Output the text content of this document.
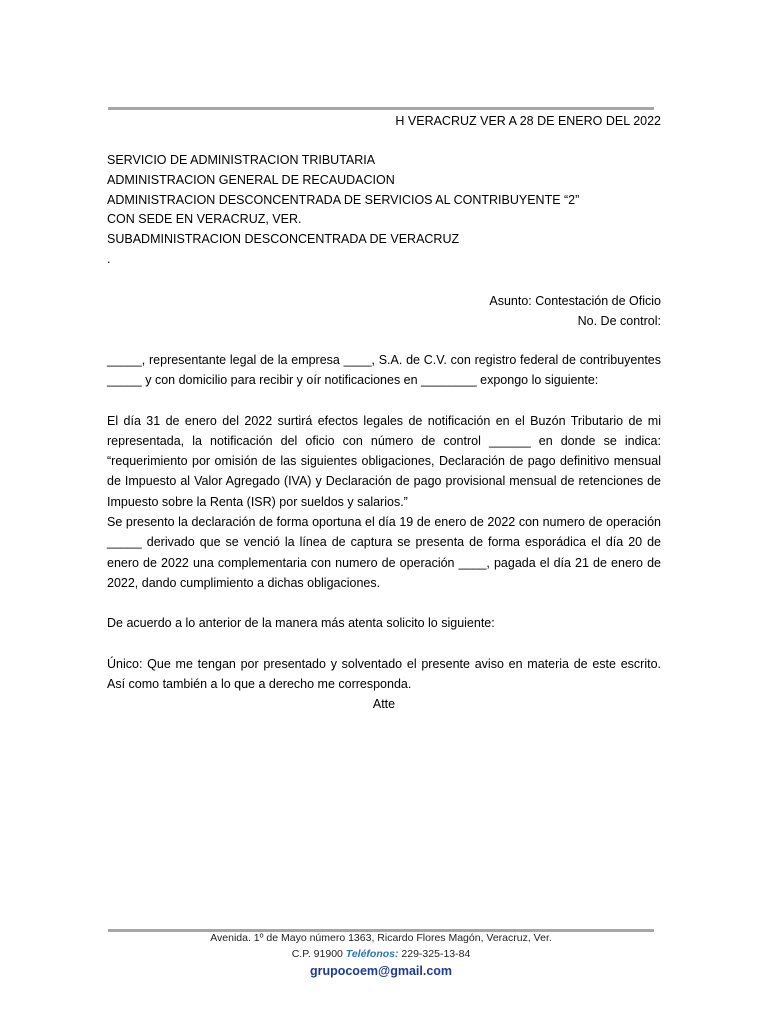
H VERACRUZ VER A 28 DE ENERO DEL 2022
SERVICIO DE ADMINISTRACION TRIBUTARIA
ADMINISTRACION GENERAL DE RECAUDACION
ADMINISTRACION DESCONCENTRADA DE SERVICIOS AL CONTRIBUYENTE “2”
CON SEDE EN VERACRUZ, VER.
SUBADMINISTRACION DESCONCENTRADA DE VERACRUZ
.
Asunto: Contestación de Oficio
No. De control:

_____, representante legal de la empresa ____, S.A. de C.V. con registro federal de contribuyentes _____ y con domicilio para recibir y oír notificaciones en ________ expongo lo siguiente:

El día 31 de enero del 2022 surtirá efectos legales de notificación en el Buzón Tributario de mi representada, la notificación del oficio con número de control ______ en donde se indica: “requerimiento por omisión de las siguientes obligaciones, Declaración de pago definitivo mensual de Impuesto al Valor Agregado (IVA) y Declaración de pago provisional mensual de retenciones de Impuesto sobre la Renta (ISR) por sueldos y salarios.”

Se presento la declaración de forma oportuna el día 19 de enero de 2022 con numero de operación _____ derivado que se venció la línea de captura se presenta de forma esporádica el día 20 de enero de 2022 una complementaria con numero de operación ____, pagada el día 21 de enero de 2022, dando cumplimiento a dichas obligaciones.

De acuerdo a lo anterior de la manera más atenta solicito lo siguiente:

Único: Que me tengan por presentado y solventado el presente aviso en materia de este escrito. Así como también a lo que a derecho me corresponda.

Atte

Avenida. 1º de Mayo número 1363, Ricardo Flores Magón, Veracruz, Ver.
C.P. 91900 Teléfonos: 229-325-13-84
grupocoem@gmail.com
